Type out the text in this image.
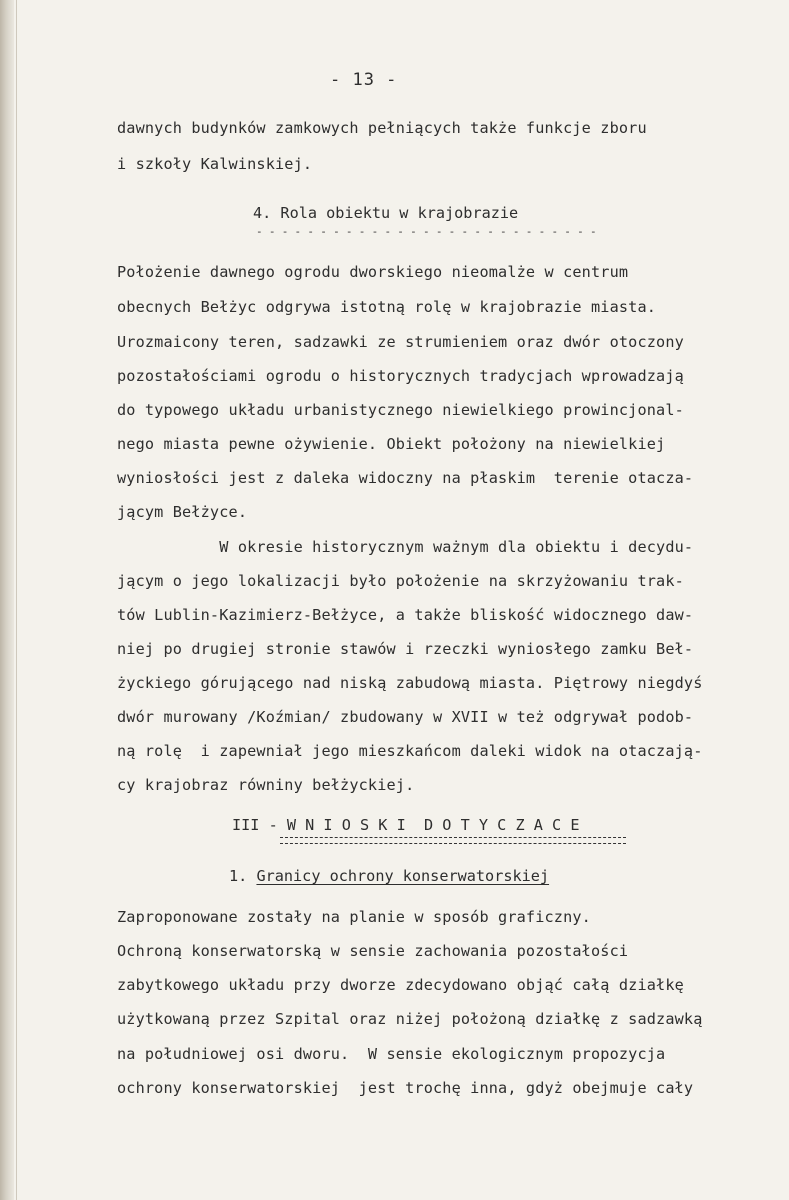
- 13 -
dawnych budynków zamkowych pełniących także funkcje zboru
i szkoły Kalwinskiej.
4. Rola obiektu w krajobrazie
- - - - - - - - - - - - - - - - - - - - - - - - - - -
Położenie dawnego ogrodu dworskiego nieomalże w centrum
obecnych Bełżyc odgrywa istotną rolę w krajobrazie miasta.
Urozmaicony teren, sadzawki ze strumieniem oraz dwór otoczony
pozostałościami ogrodu o historycznych tradycjach wprowadzają
do typowego układu urbanistycznego niewielkiego prowincjonal-
nego miasta pewne ożywienie. Obiekt położony na niewielkiej
wyniosłości jest z daleka widoczny na płaskim  terenie otacza-
jącym Bełżyce.
W okresie historycznym ważnym dla obiektu i decydu-
jącym o jego lokalizacji było położenie na skrzyżowaniu trak-
tów Lublin-Kazimierz-Bełżyce, a także bliskość widocznego daw-
niej po drugiej stronie stawów i rzeczki wyniosłego zamku Beł-
życkiego górującego nad niską zabudową miasta. Piętrowy niegdyś
dwór murowany /Koźmian/ zbudowany w XVII w też odgrywał podob-
ną rolę  i zapewniał jego mieszkańcom daleki widok na otaczają-
cy krajobraz równiny bełżyckiej.
III - W N I O S K I  D O T Y C Z A C E
1. Granicy ochrony konserwatorskiej
Zaproponowane zostały na planie w sposób graficzny.
Ochroną konserwatorską w sensie zachowania pozostałości
zabytkowego układu przy dworze zdecydowano objąć całą działkę
użytkowaną przez Szpital oraz niżej położoną działkę z sadzawką
na południowej osi dworu.  W sensie ekologicznym propozycja
ochrony konserwatorskiej  jest trochę inna, gdyż obejmuje cały
